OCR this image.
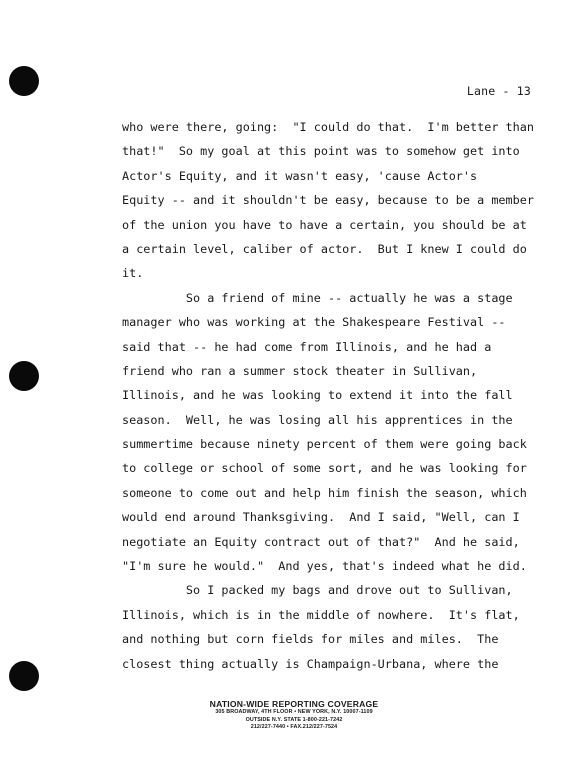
Lane - 13
who were there, going:  "I could do that.  I'm better than
that!"  So my goal at this point was to somehow get into
Actor's Equity, and it wasn't easy, 'cause Actor's
Equity -- and it shouldn't be easy, because to be a member
of the union you have to have a certain, you should be at
a certain level, caliber of actor.  But I knew I could do
it.
So a friend of mine -- actually he was a stage
manager who was working at the Shakespeare Festival --
said that -- he had come from Illinois, and he had a
friend who ran a summer stock theater in Sullivan,
Illinois, and he was looking to extend it into the fall
season.  Well, he was losing all his apprentices in the
summertime because ninety percent of them were going back
to college or school of some sort, and he was looking for
someone to come out and help him finish the season, which
would end around Thanksgiving.  And I said, "Well, can I
negotiate an Equity contract out of that?"  And he said,
"I'm sure he would."  And yes, that's indeed what he did.
So I packed my bags and drove out to Sullivan,
Illinois, which is in the middle of nowhere.  It's flat,
and nothing but corn fields for miles and miles.  The
closest thing actually is Champaign-Urbana, where the
NATION-WIDE REPORTING COVERAGE
305 BROADWAY, 4TH FLOOR • NEW YORK, N.Y. 10007-1109
OUTSIDE N.Y. STATE 1-800-221-7242
212/227-7440 • FAX.212/227-7524
